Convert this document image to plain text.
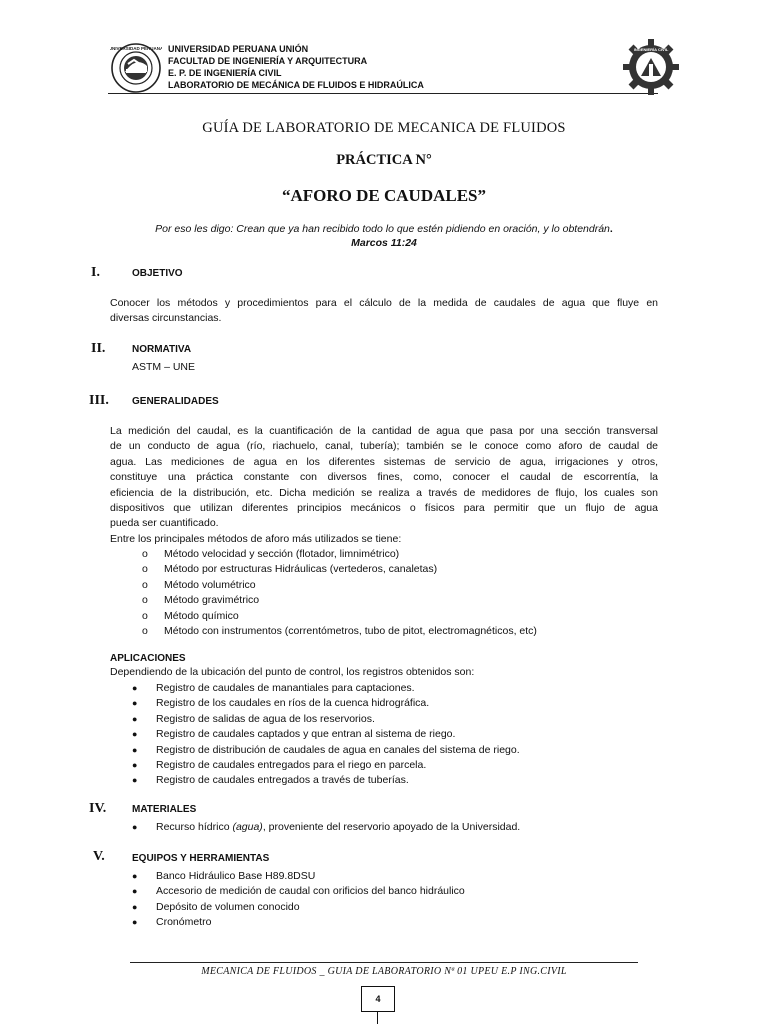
UNIVERSIDAD PERUANA UNIVERSIDAD PERUANA UNIÓN
FACULTAD DE INGENIERÍA Y ARQUITECTURA
E. P. DE INGENIERÍA CIVIL
LABORATORIO DE MECÁNICA DE FLUIDOS E HIDRAÚLICA
INGENIERÍA CIVIL
GUÍA DE LABORATORIO DE MECANICA DE FLUIDOS
PRÁCTICA N°
“AFORO DE CAUDALES”
Por eso les digo: Crean que ya han recibido todo lo que estén pidiendo en oración, y lo obtendrán.
Marcos 11:24
I.	OBJETIVO
Conocer los métodos y procedimientos para el cálculo de la medida de caudales de agua que fluye en
diversas circunstancias.
II.	NORMATIVA
ASTM – UNE
III. GENERALIDADES
La medición del caudal, es la cuantificación de la cantidad de agua que pasa por una sección transversal
de un conducto de agua (río, riachuelo, canal, tubería); también se le conoce como aforo de caudal de
agua. Las mediciones de agua en los diferentes sistemas de servicio de agua, irrigaciones y otros,
constituye una práctica constante con diversos fines, como, conocer el caudal de escorrentía, la
eficiencia de la distribución, etc. Dicha medición se realiza a través de medidores de flujo, los cuales son
dispositivos que utilizan diferentes principios mecánicos o físicos para permitir que un flujo de agua
pueda ser cuantificado.
Entre los principales métodos de aforo más utilizados se tiene:
o Método velocidad y sección (flotador, limnimétrico)
o Método por estructuras Hidráulicas (vertederos, canaletas)
o Método volumétrico
o Método gravimétrico
o Método químico
o Método con instrumentos (correntómetros, tubo de pitot, electromagnéticos, etc)
APLICACIONES
Dependiendo de la ubicación del punto de control, los registros obtenidos son:
● Registro de caudales de manantiales para captaciones.
● Registro de los caudales en ríos de la cuenca hidrográfica.
● Registro de salidas de agua de los reservorios.
● Registro de caudales captados y que entran al sistema de riego.
● Registro de distribución de caudales de agua en canales del sistema de riego.
● Registro de caudales entregados para el riego en parcela.
● Registro de caudales entregados a través de tuberías.
IV.	MATERIALES
● Recurso hídrico (agua), proveniente del reservorio apoyado de la Universidad.
V.	EQUIPOS Y HERRAMIENTAS
● Banco Hidráulico Base H89.8DSU
● Accesorio de medición de caudal con orificios del banco hidráulico
● Depósito de volumen conocido
● Cronómetro
MECANICA DE FLUIDOS _ GUIA DE LABORATORIO Nª 01 UPEU E.P ING.CIVIL
4
